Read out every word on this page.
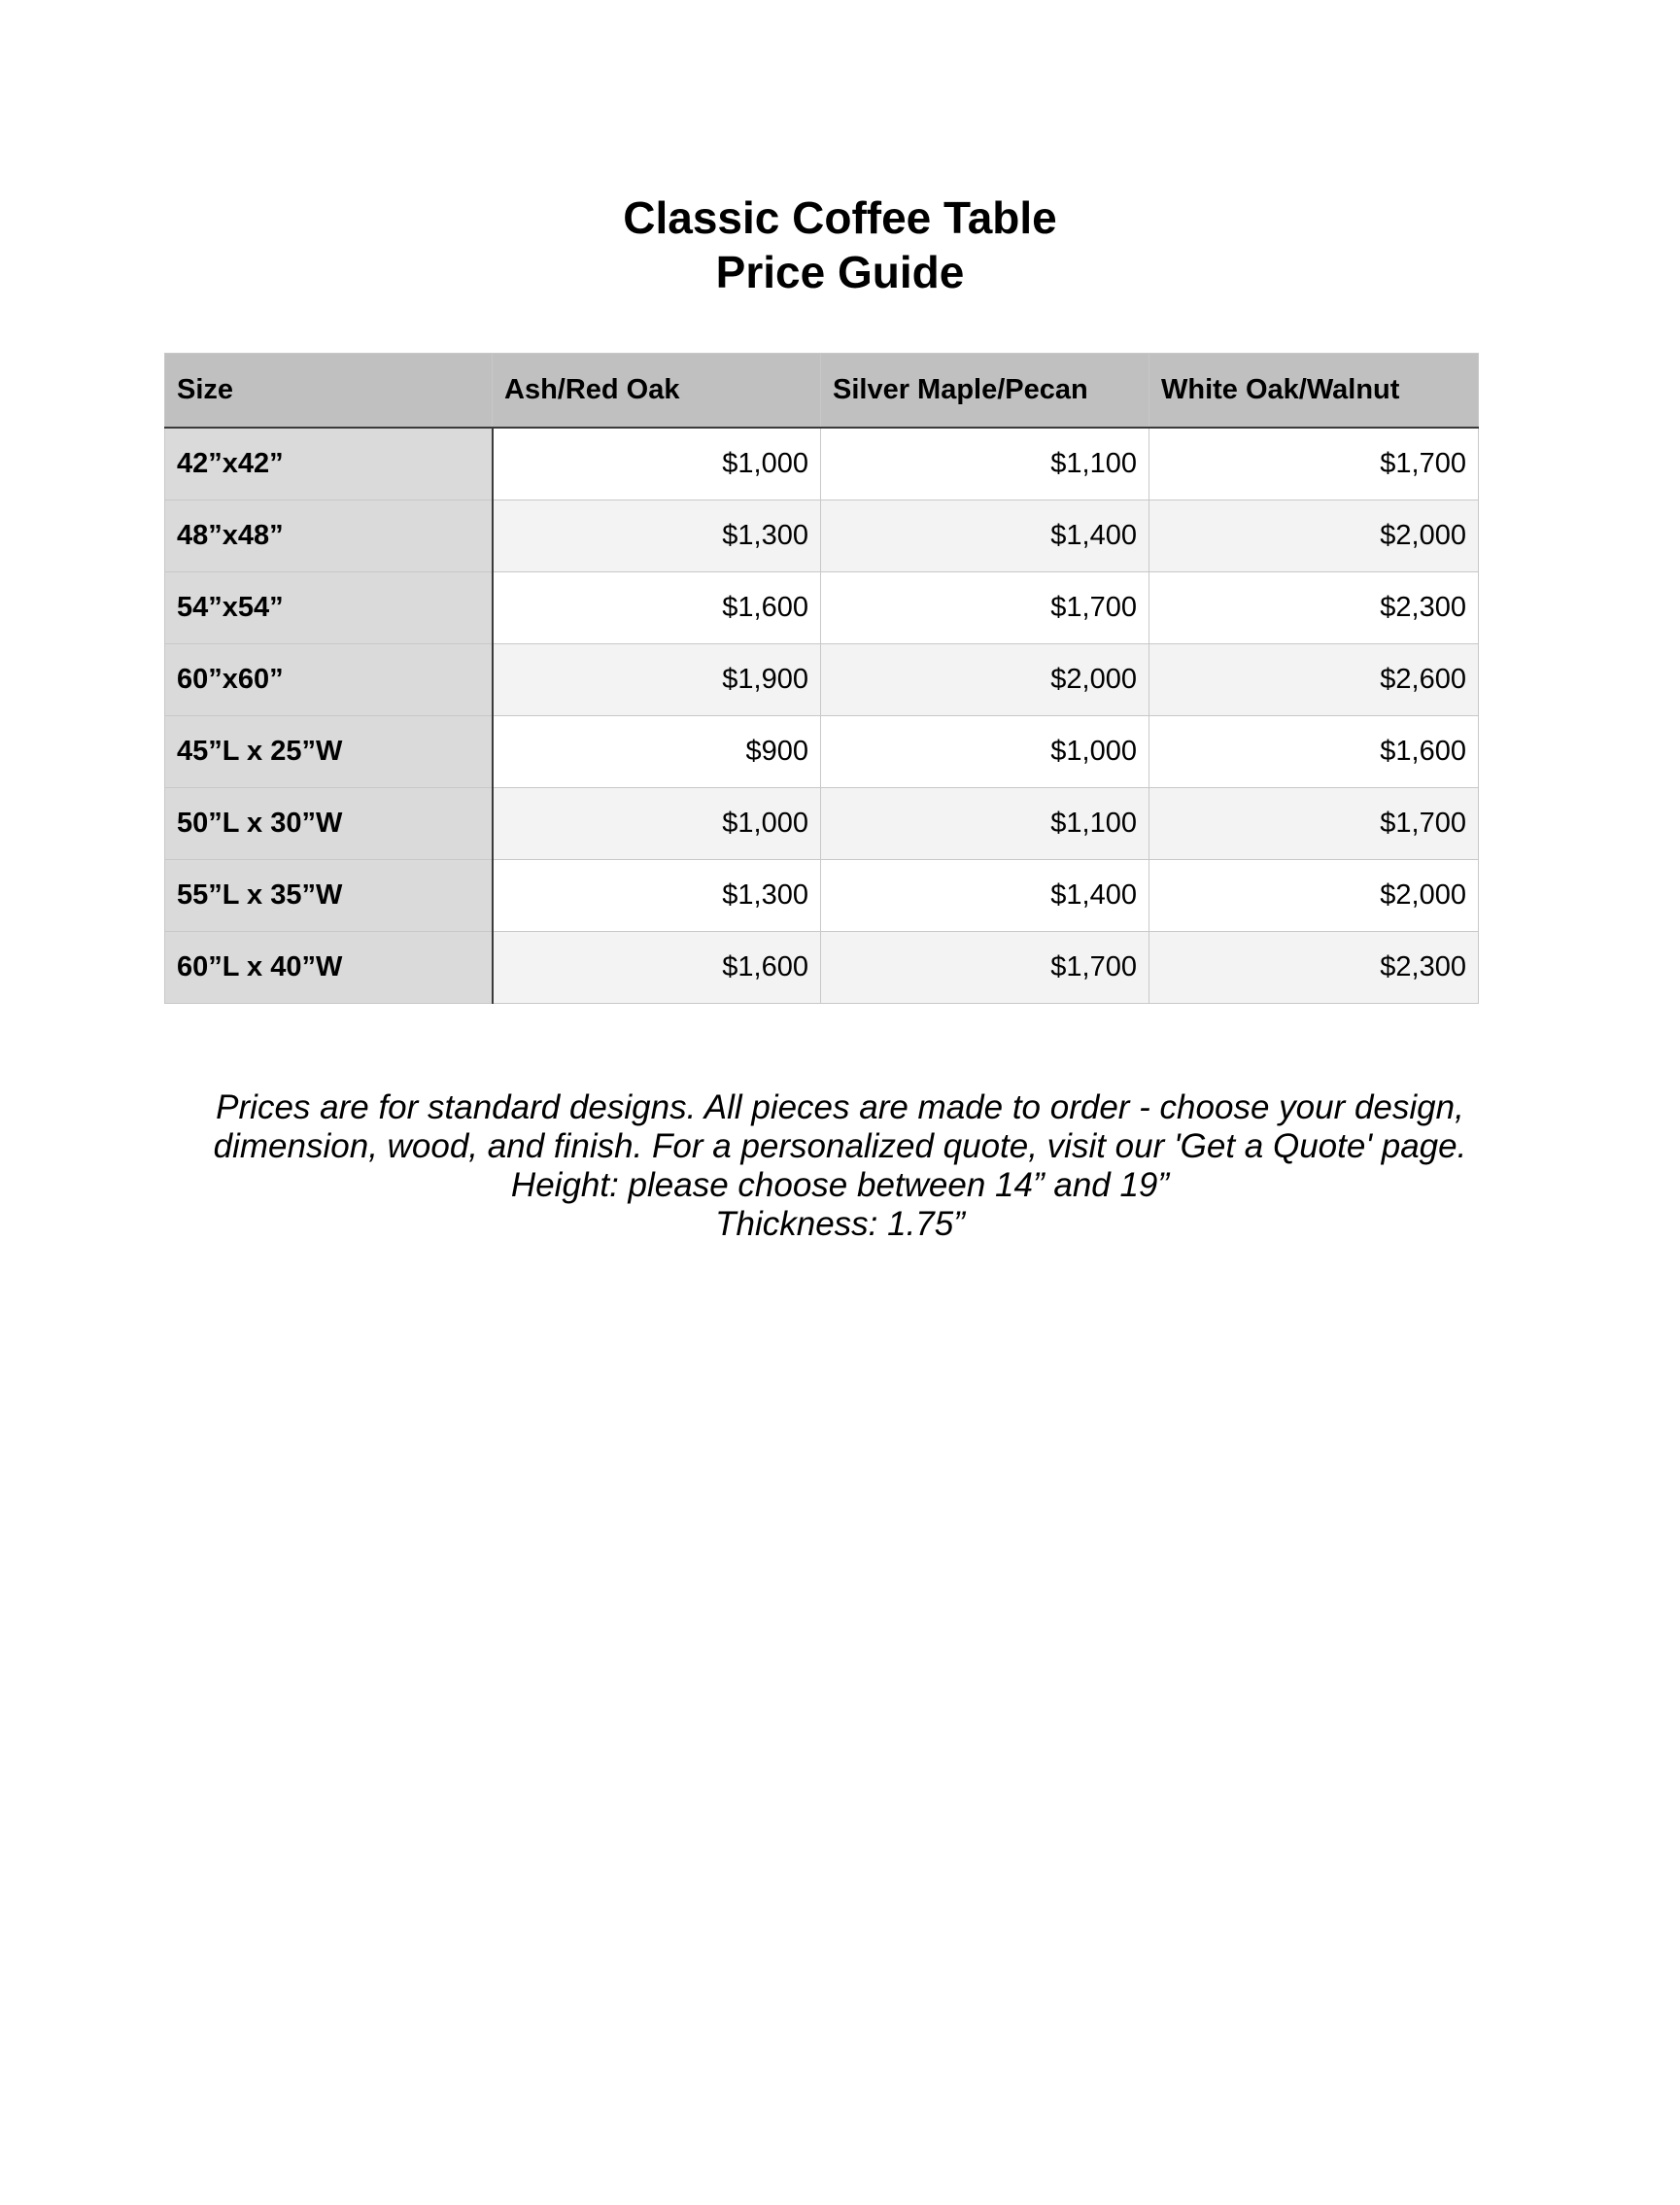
Classic Coffee Table
Price Guide
Size	Ash/Red Oak	Silver Maple/Pecan	White Oak/Walnut
42”x42”	$1,000	$1,100	$1,700
48”x48”	$1,300	$1,400	$2,000
54”x54”	$1,600	$1,700	$2,300
60”x60”	$1,900	$2,000	$2,600
45”L x 25”W	$900	$1,000	$1,600
50”L x 30”W	$1,000	$1,100	$1,700
55”L x 35”W	$1,300	$1,400	$2,000
60”L x 40”W	$1,600	$1,700	$2,300
Prices are for standard designs. All pieces are made to order - choose your design,
dimension, wood, and finish. For a personalized quote, visit our 'Get a Quote' page.
Height: please choose between 14” and 19”
Thickness: 1.75”
